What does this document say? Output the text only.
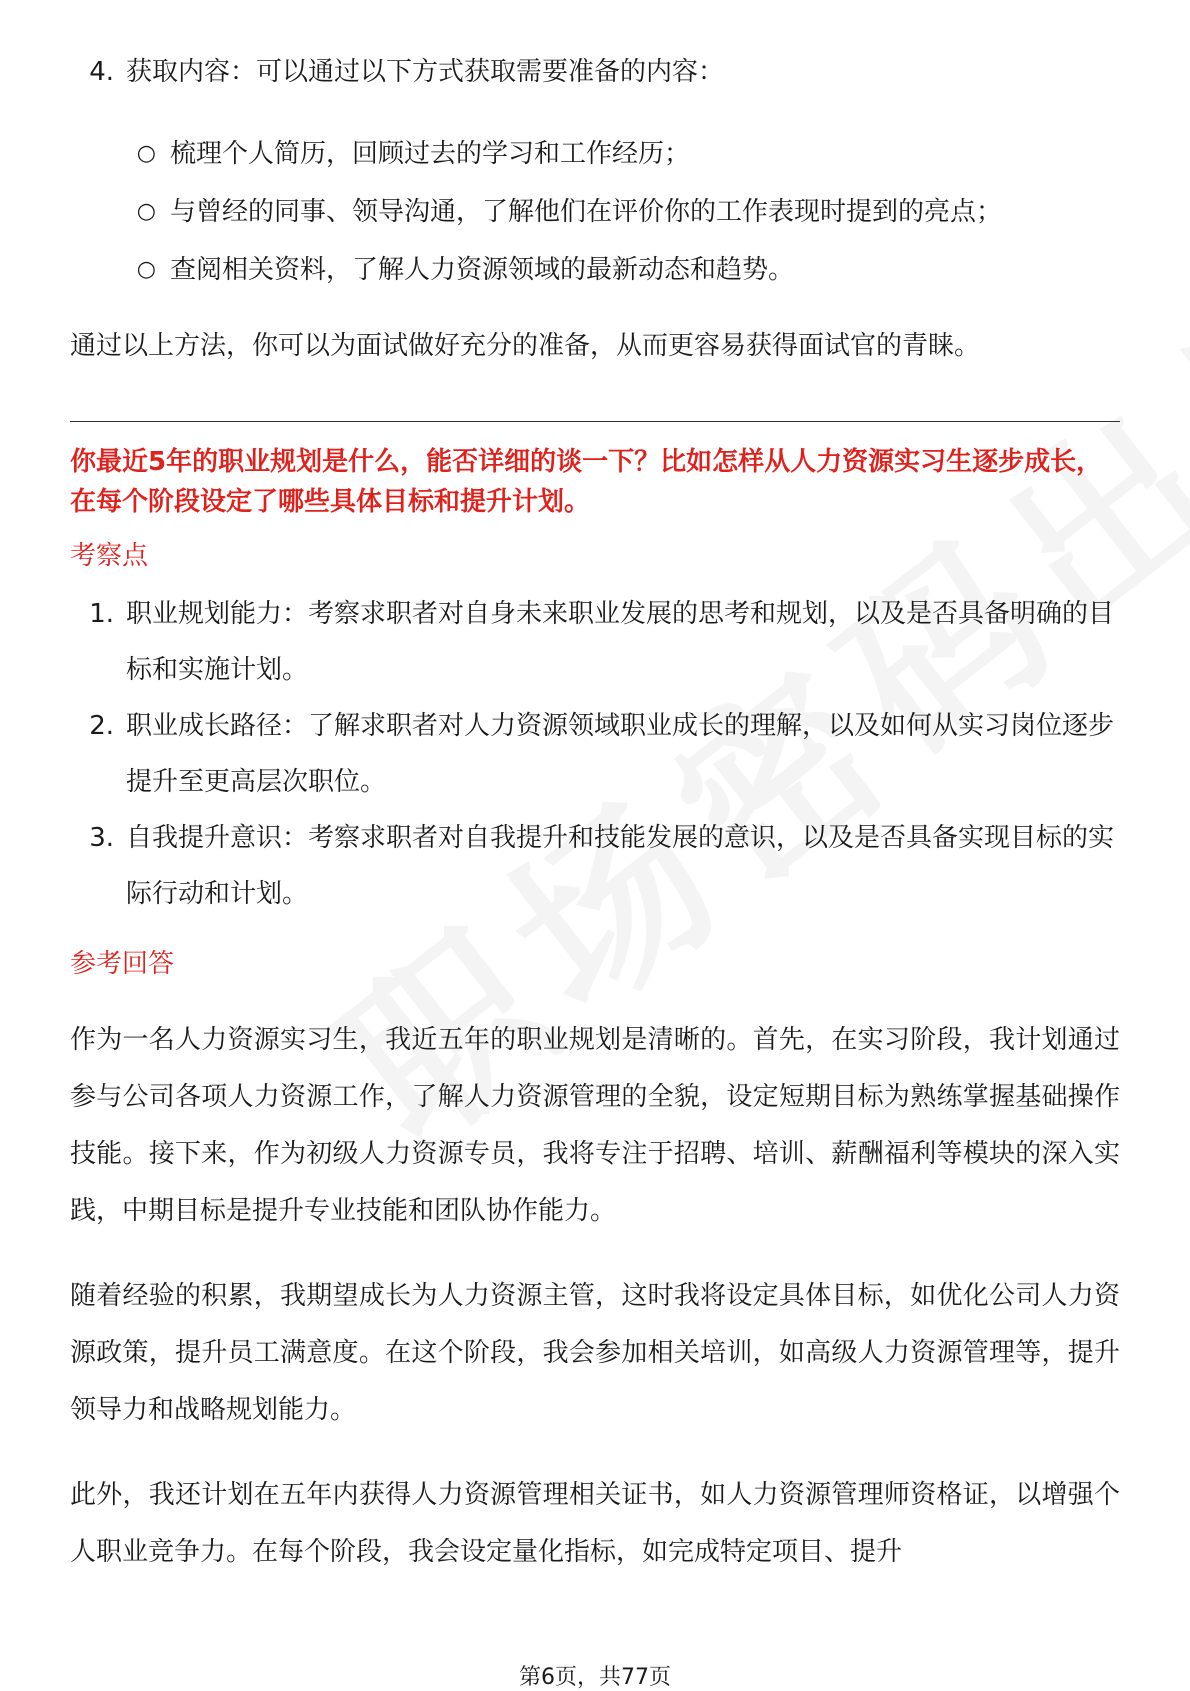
4. 获取内容：可以通过以下方式获取需要准备的内容：
○ 梳理个人简历，回顾过去的学习和工作经历；
○ 与曾经的同事、领导沟通，了解他们在评价你的工作表现时提到的亮点；
○ 查阅相关资料，了解人力资源领域的最新动态和趋势。

通过以上方法，你可以为面试做好充分的准备，从而更容易获得面试官的青睐。

你最近5年的职业规划是什么，能否详细的谈一下？比如怎样从人力资源实习生逐步成长，在每个阶段设定了哪些具体目标和提升计划。

考察点
1. 职业规划能力：考察求职者对自身未来职业发展的思考和规划，以及是否具备明确的目标和实施计划。
2. 职业成长路径：了解求职者对人力资源领域职业成长的理解，以及如何从实习岗位逐步提升至更高层次职位。
3. 自我提升意识：考察求职者对自我提升和技能发展的意识，以及是否具备实现目标的实际行动和计划。
参考回答

作为一名人力资源实习生，我近五年的职业规划是清晰的。首先，在实习阶段，我计划通过参与公司各项人力资源工作，了解人力资源管理的全貌，设定短期目标为熟练掌握基础操作技能。接下来，作为初级人力资源专员，我将专注于招聘、培训、薪酬福利等模块的深入实践，中期目标是提升专业技能和团队协作能力。

随着经验的积累，我期望成长为人力资源主管，这时我将设定具体目标，如优化公司人力资源政策，提升员工满意度。在这个阶段，我会参加相关培训，如高级人力资源管理等，提升领导力和战略规划能力。

此外，我还计划在五年内获得人力资源管理相关证书，如人力资源管理师资格证，以增强个人职业竞争力。在每个阶段，我会设定量化指标，如完成特定项目、提升

第6页，共77页
